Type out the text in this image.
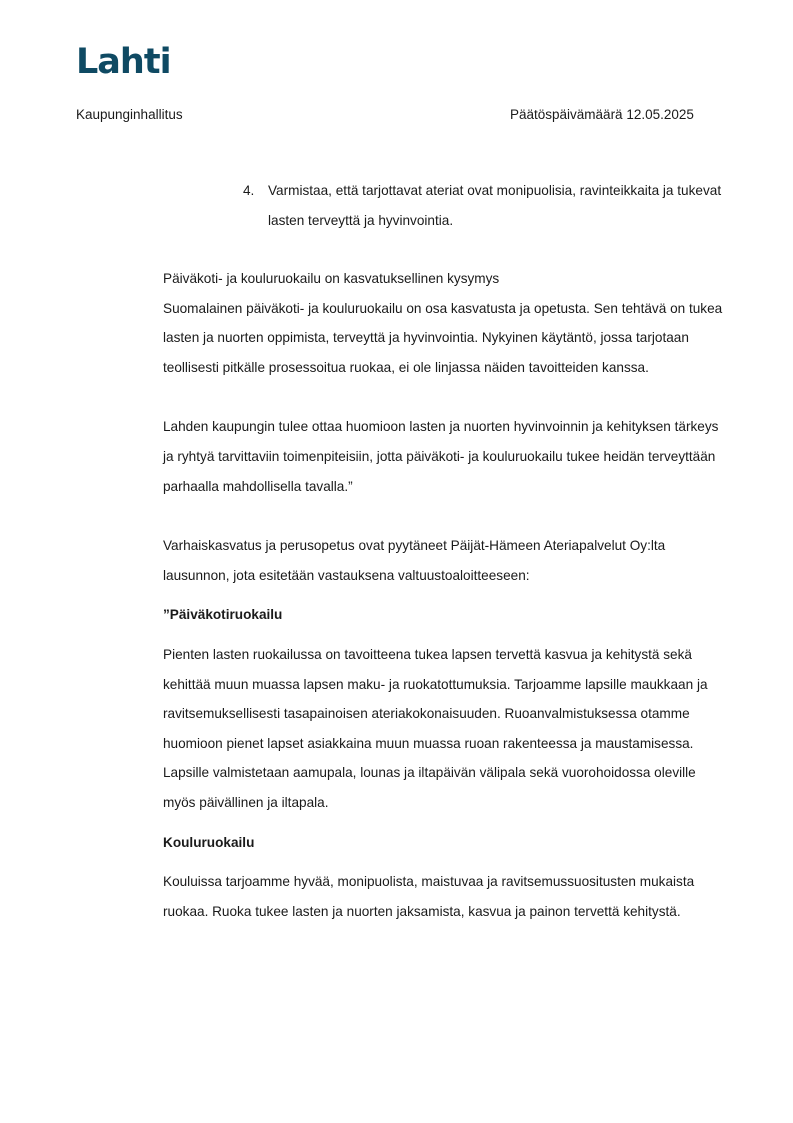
Lahti
Kaupunginhallitus	Päätöspäivämäärä 12.05.2025
4. Varmistaa, että tarjottavat ateriat ovat monipuolisia, ravinteikkaita ja tukevat lasten terveyttä ja hyvinvointia.

Päiväkoti- ja kouluruokailu on kasvatuksellinen kysymys

Suomalainen päiväkoti- ja kouluruokailu on osa kasvatusta ja opetusta. Sen tehtävä on tukea lasten ja nuorten oppimista, terveyttä ja hyvinvointia. Nykyinen käytäntö, jossa tarjotaan teollisesti pitkälle prosessoitua ruokaa, ei ole linjassa näiden tavoitteiden kanssa.

Lahden kaupungin tulee ottaa huomioon lasten ja nuorten hyvinvoinnin ja kehityksen tärkeys ja ryhtyä tarvittaviin toimenpiteisiin, jotta päiväkoti- ja kouluruokailu tukee heidän terveyttään parhaalla mahdollisella tavalla.”

Varhaiskasvatus ja perusopetus ovat pyytäneet Päijät-Hämeen Ateriapalvelut Oy:lta lausunnon, jota esitetään vastauksena valtuustoaloitteeseen:

”Päiväkotiruokailu

Pienten lasten ruokailussa on tavoitteena tukea lapsen tervettä kasvua ja kehitystä sekä kehittää muun muassa lapsen maku- ja ruokatottumuksia. Tarjoamme lapsille maukkaan ja ravitsemuksellisesti tasapainoisen ateriakokonaisuuden. Ruoanvalmistuksessa otamme huomioon pienet lapset asiakkaina muun muassa ruoan rakenteessa ja maustamisessa. Lapsille valmistetaan aamupala, lounas ja iltapäivän välipala sekä vuorohoidossa oleville myös päivällinen ja iltapala.

Kouluruokailu

Kouluissa tarjoamme hyvää, monipuolista, maistuvaa ja ravitsemussuositusten mukaista ruokaa. Ruoka tukee lasten ja nuorten jaksamista, kasvua ja painon tervettä kehitystä.
